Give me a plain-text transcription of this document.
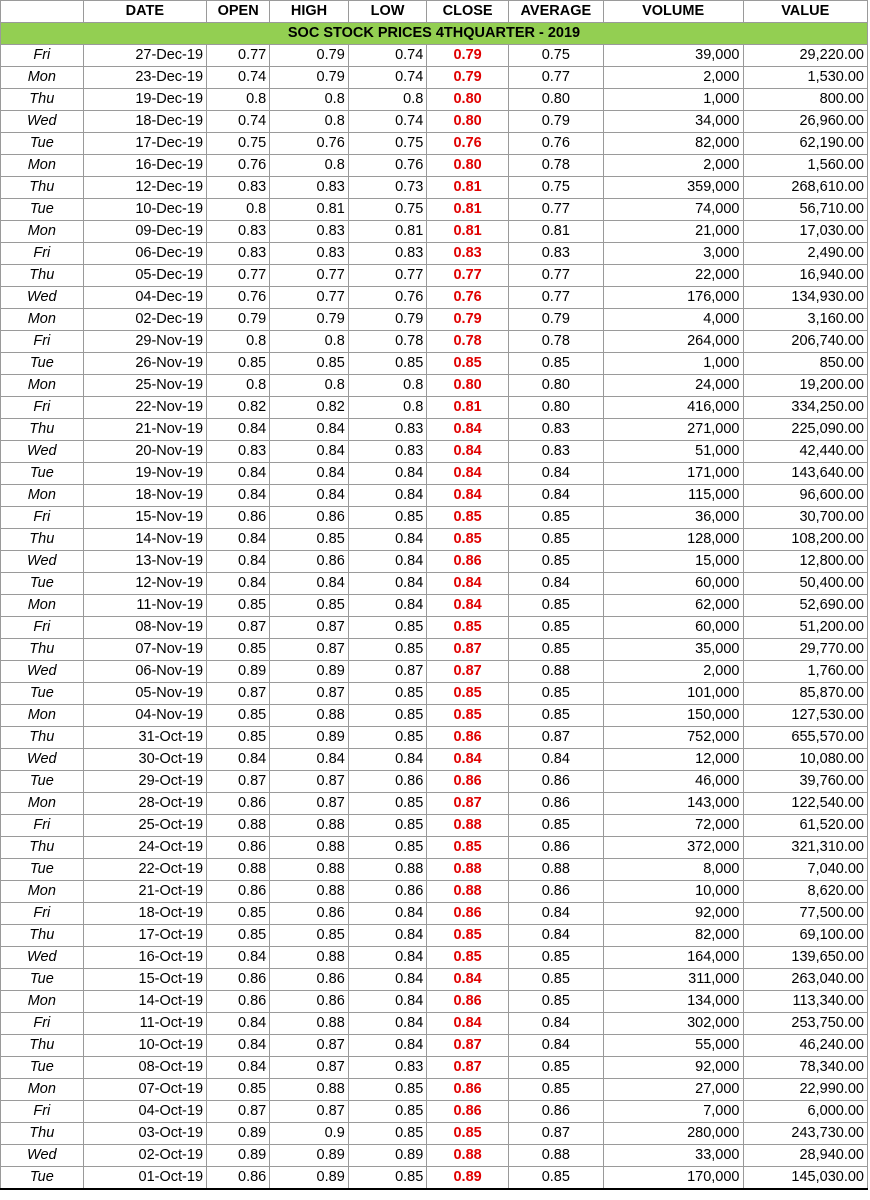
	DATE	OPEN	HIGH	LOW	CLOSE	AVERAGE	VOLUME	VALUE
SOC STOCK PRICES 4THQUARTER - 2019								
Fri	27-Dec-19	0.77	0.79	0.74	0.79	0.75	39,000	29,220.00
Mon	23-Dec-19	0.74	0.79	0.74	0.79	0.77	2,000	1,530.00
Thu	19-Dec-19	0.8	0.8	0.8	0.80	0.80	1,000	800.00
Wed	18-Dec-19	0.74	0.8	0.74	0.80	0.79	34,000	26,960.00
Tue	17-Dec-19	0.75	0.76	0.75	0.76	0.76	82,000	62,190.00
Mon	16-Dec-19	0.76	0.8	0.76	0.80	0.78	2,000	1,560.00
Thu	12-Dec-19	0.83	0.83	0.73	0.81	0.75	359,000	268,610.00
Tue	10-Dec-19	0.8	0.81	0.75	0.81	0.77	74,000	56,710.00
Mon	09-Dec-19	0.83	0.83	0.81	0.81	0.81	21,000	17,030.00
Fri	06-Dec-19	0.83	0.83	0.83	0.83	0.83	3,000	2,490.00
Thu	05-Dec-19	0.77	0.77	0.77	0.77	0.77	22,000	16,940.00
Wed	04-Dec-19	0.76	0.77	0.76	0.76	0.77	176,000	134,930.00
Mon	02-Dec-19	0.79	0.79	0.79	0.79	0.79	4,000	3,160.00
Fri	29-Nov-19	0.8	0.8	0.78	0.78	0.78	264,000	206,740.00
Tue	26-Nov-19	0.85	0.85	0.85	0.85	0.85	1,000	850.00
Mon	25-Nov-19	0.8	0.8	0.8	0.80	0.80	24,000	19,200.00
Fri	22-Nov-19	0.82	0.82	0.8	0.81	0.80	416,000	334,250.00
Thu	21-Nov-19	0.84	0.84	0.83	0.84	0.83	271,000	225,090.00
Wed	20-Nov-19	0.83	0.84	0.83	0.84	0.83	51,000	42,440.00
Tue	19-Nov-19	0.84	0.84	0.84	0.84	0.84	171,000	143,640.00
Mon	18-Nov-19	0.84	0.84	0.84	0.84	0.84	115,000	96,600.00
Fri	15-Nov-19	0.86	0.86	0.85	0.85	0.85	36,000	30,700.00
Thu	14-Nov-19	0.84	0.85	0.84	0.85	0.85	128,000	108,200.00
Wed	13-Nov-19	0.84	0.86	0.84	0.86	0.85	15,000	12,800.00
Tue	12-Nov-19	0.84	0.84	0.84	0.84	0.84	60,000	50,400.00
Mon	11-Nov-19	0.85	0.85	0.84	0.84	0.85	62,000	52,690.00
Fri	08-Nov-19	0.87	0.87	0.85	0.85	0.85	60,000	51,200.00
Thu	07-Nov-19	0.85	0.87	0.85	0.87	0.85	35,000	29,770.00
Wed	06-Nov-19	0.89	0.89	0.87	0.87	0.88	2,000	1,760.00
Tue	05-Nov-19	0.87	0.87	0.85	0.85	0.85	101,000	85,870.00
Mon	04-Nov-19	0.85	0.88	0.85	0.85	0.85	150,000	127,530.00
Thu	31-Oct-19	0.85	0.89	0.85	0.86	0.87	752,000	655,570.00
Wed	30-Oct-19	0.84	0.84	0.84	0.84	0.84	12,000	10,080.00
Tue	29-Oct-19	0.87	0.87	0.86	0.86	0.86	46,000	39,760.00
Mon	28-Oct-19	0.86	0.87	0.85	0.87	0.86	143,000	122,540.00
Fri	25-Oct-19	0.88	0.88	0.85	0.88	0.85	72,000	61,520.00
Thu	24-Oct-19	0.86	0.88	0.85	0.85	0.86	372,000	321,310.00
Tue	22-Oct-19	0.88	0.88	0.88	0.88	0.88	8,000	7,040.00
Mon	21-Oct-19	0.86	0.88	0.86	0.88	0.86	10,000	8,620.00
Fri	18-Oct-19	0.85	0.86	0.84	0.86	0.84	92,000	77,500.00
Thu	17-Oct-19	0.85	0.85	0.84	0.85	0.84	82,000	69,100.00
Wed	16-Oct-19	0.84	0.88	0.84	0.85	0.85	164,000	139,650.00
Tue	15-Oct-19	0.86	0.86	0.84	0.84	0.85	311,000	263,040.00
Mon	14-Oct-19	0.86	0.86	0.84	0.86	0.85	134,000	113,340.00
Fri	11-Oct-19	0.84	0.88	0.84	0.84	0.84	302,000	253,750.00
Thu	10-Oct-19	0.84	0.87	0.84	0.87	0.84	55,000	46,240.00
Tue	08-Oct-19	0.84	0.87	0.83	0.87	0.85	92,000	78,340.00
Mon	07-Oct-19	0.85	0.88	0.85	0.86	0.85	27,000	22,990.00
Fri	04-Oct-19	0.87	0.87	0.85	0.86	0.86	7,000	6,000.00
Thu	03-Oct-19	0.89	0.9	0.85	0.85	0.87	280,000	243,730.00
Wed	02-Oct-19	0.89	0.89	0.89	0.88	0.88	33,000	28,940.00
Tue	01-Oct-19	0.86	0.89	0.85	0.89	0.85	170,000	145,030.00
